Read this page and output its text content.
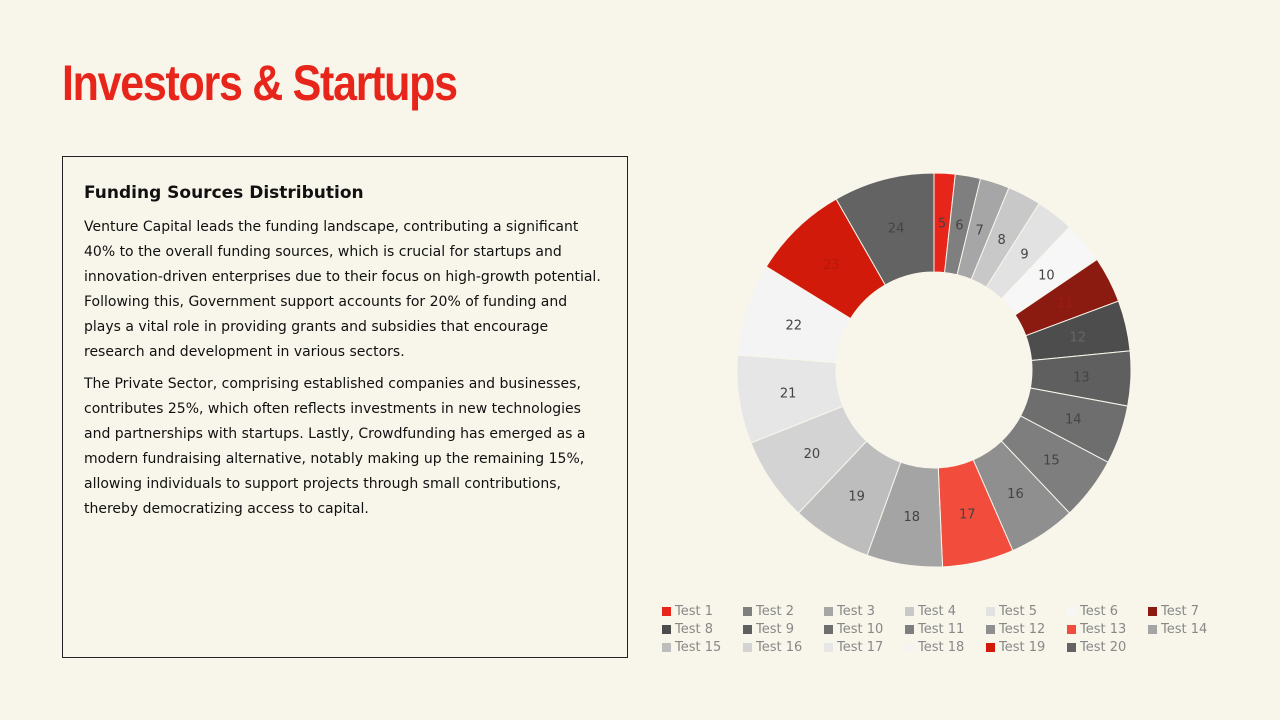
Investors & Startups
Funding Sources Distribution

Venture Capital leads the funding landscape, contributing a significant 40% to the overall funding sources, which is crucial for startups and innovation-driven enterprises due to their focus on high-growth potential. Following this, Government support accounts for 20% of funding and plays a vital role in providing grants and subsidies that encourage research and development in various sectors.

The Private Sector, comprising established companies and businesses, contributes 25%, which often reflects investments in new technologies and partnerships with startups. Lastly, Crowdfunding has emerged as a modern fundraising alternative, notably making up the remaining 15%, allowing individuals to support projects through small contributions, thereby democratizing access to capital.

5 6 7
8
9
10
11
12
13
14
15
16
17
18
19
20
21
22
23
24
Test 1	Test 2	Test 3	Test 4	Test 5	Test 6	Test 7
Test 8	Test 9	Test 10	Test 11	Test 12	Test 13	Test 14
Test 15	Test 16	Test 17	Test 18	Test 19	Test 20
